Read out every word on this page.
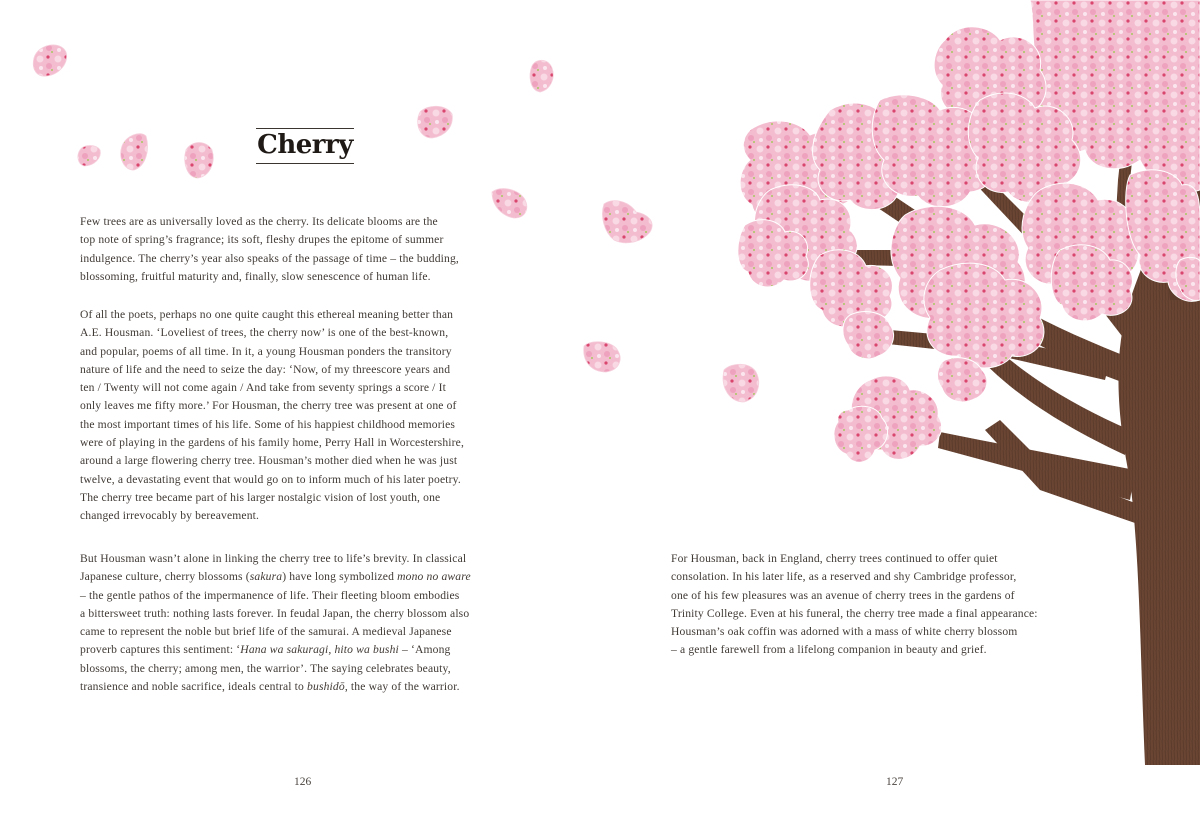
Cherry
Few trees are as universally loved as the cherry. Its delicate blooms are the
top note of spring’s fragrance; its soft, fleshy drupes the epitome of summer
indulgence. The cherry’s year also speaks of the passage of time – the budding,
blossoming, fruitful maturity and, finally, slow senescence of human life.
Of all the poets, perhaps no one quite caught this ethereal meaning better than
A.E. Housman. ‘Loveliest of trees, the cherry now’ is one of the best-known,
and popular, poems of all time. In it, a young Housman ponders the transitory
nature of life and the need to seize the day: ‘Now, of my threescore years and
ten / Twenty will not come again / And take from seventy springs a score / It
only leaves me fifty more.’ For Housman, the cherry tree was present at one of
the most important times of his life. Some of his happiest childhood memories
were of playing in the gardens of his family home, Perry Hall in Worcestershire,
around a large flowering cherry tree. Housman’s mother died when he was just
twelve, a devastating event that would go on to inform much of his later poetry.
The cherry tree became part of his larger nostalgic vision of lost youth, one
changed irrevocably by bereavement.
But Housman wasn’t alone in linking the cherry tree to life’s brevity. In classical
Japanese culture, cherry blossoms (sakura) have long symbolized mono no aware
– the gentle pathos of the impermanence of life. Their fleeting bloom embodies
a bittersweet truth: nothing lasts forever. In feudal Japan, the cherry blossom also
came to represent the noble but brief life of the samurai. A medieval Japanese
proverb captures this sentiment: ‘Hana wa sakuragi, hito wa bushi – ‘Among
blossoms, the cherry; among men, the warrior’. The saying celebrates beauty,
transience and noble sacrifice, ideals central to bushidō, the way of the warrior.
126
For Housman, back in England, cherry trees continued to offer quiet
consolation. In his later life, as a reserved and shy Cambridge professor,
one of his few pleasures was an avenue of cherry trees in the gardens of
Trinity College. Even at his funeral, the cherry tree made a final appearance:
Housman’s oak coffin was adorned with a mass of white cherry blossom
– a gentle farewell from a lifelong companion in beauty and grief.
127
